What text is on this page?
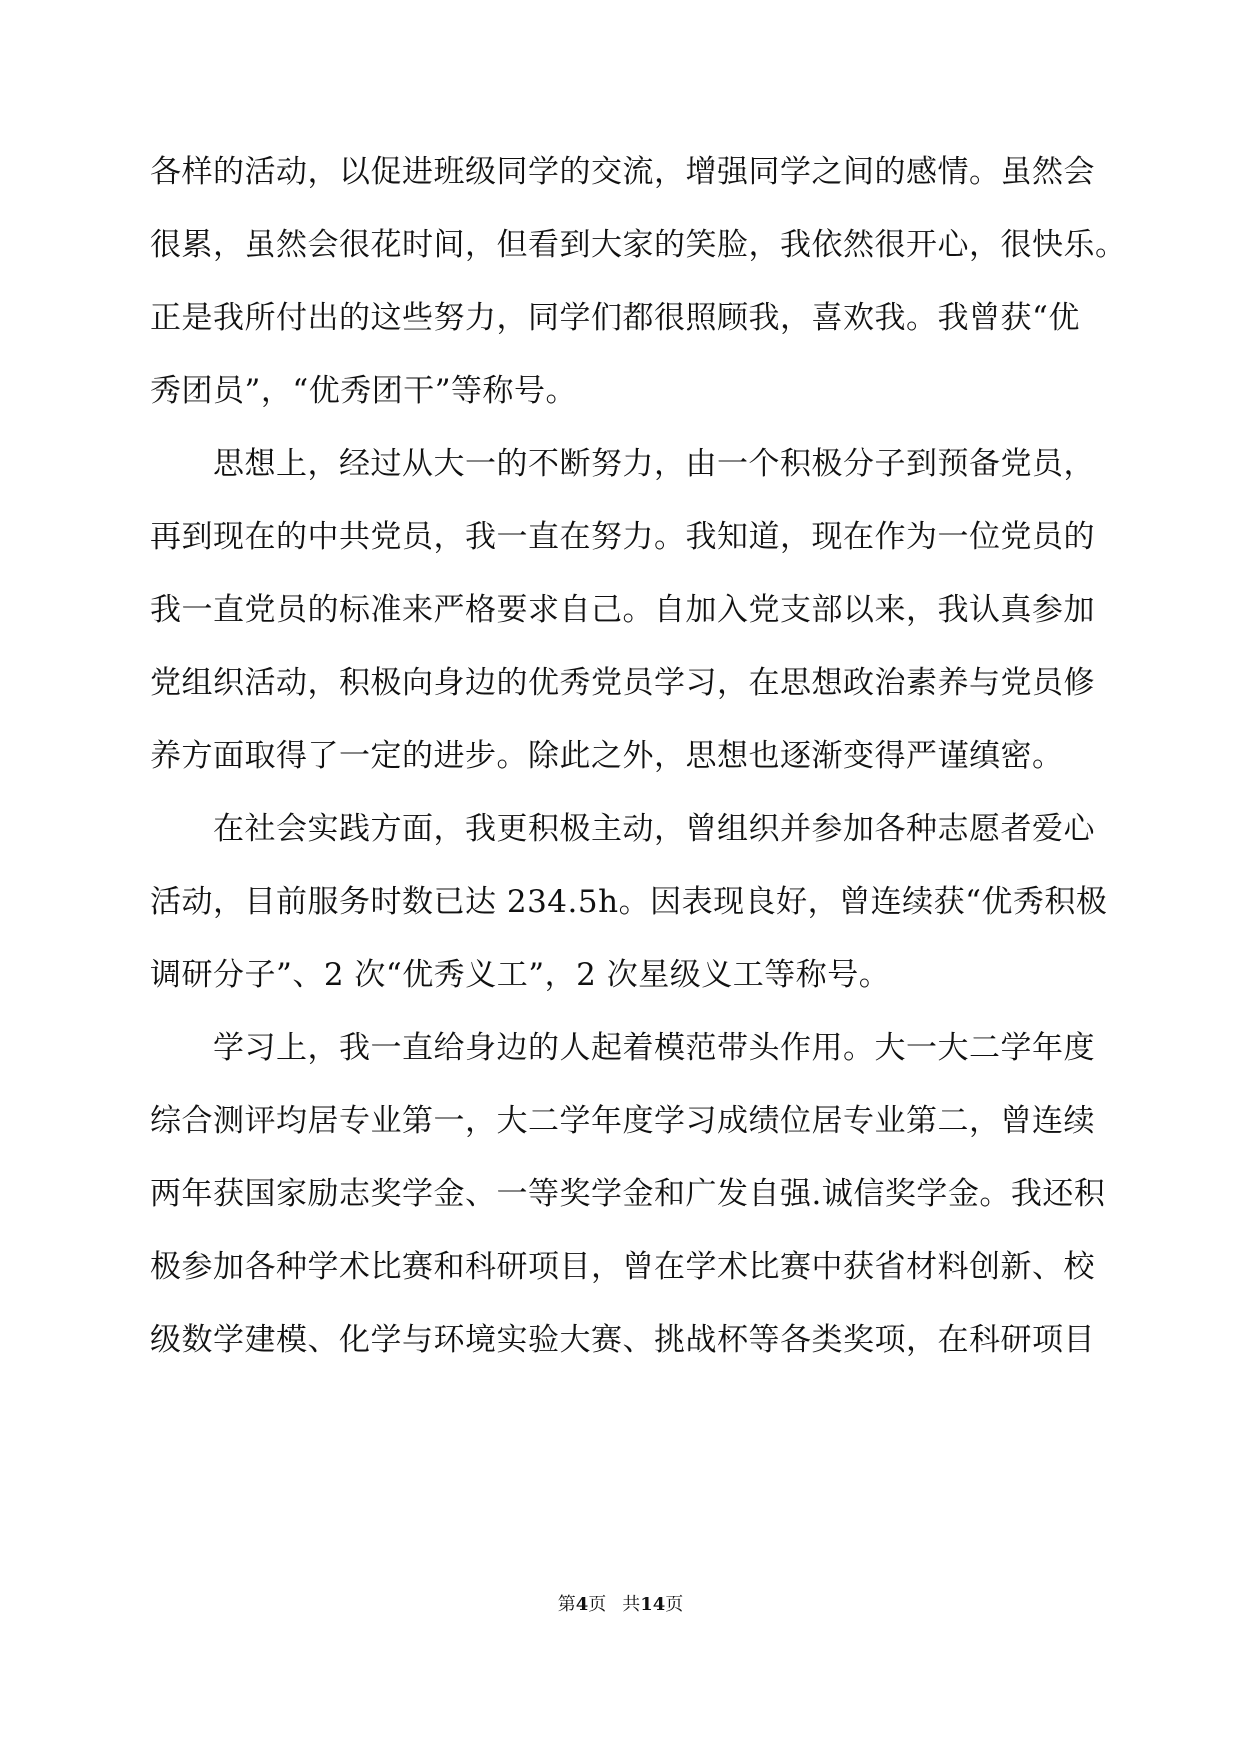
各样的活动，以促进班级同学的交流，增强同学之间的感情。虽然会
很累，虽然会很花时间，但看到大家的笑脸，我依然很开心，很快乐。
正是我所付出的这些努力，同学们都很照顾我，喜欢我。我曾获“优
秀团员”，“优秀团干”等称号。
思想上，经过从大一的不断努力，由一个积极分子到预备党员，
再到现在的中共党员，我一直在努力。我知道，现在作为一位党员的
我一直党员的标准来严格要求自己。自加入党支部以来，我认真参加
党组织活动，积极向身边的优秀党员学习，在思想政治素养与党员修
养方面取得了一定的进步。除此之外，思想也逐渐变得严谨缜密。
在社会实践方面，我更积极主动，曾组织并参加各种志愿者爱心
活动，目前服务时数已达 234.5h。因表现良好，曾连续获“优秀积极
调研分子”、2 次“优秀义工”，2 次星级义工等称号。
学习上，我一直给身边的人起着模范带头作用。大一大二学年度
综合测评均居专业第一，大二学年度学习成绩位居专业第二，曾连续
两年获国家励志奖学金、一等奖学金和广发自强.诚信奖学金。我还积
极参加各种学术比赛和科研项目，曾在学术比赛中获省材料创新、校
级数学建模、化学与环境实验大赛、挑战杯等各类奖项，在科研项目
第4页 共14页
